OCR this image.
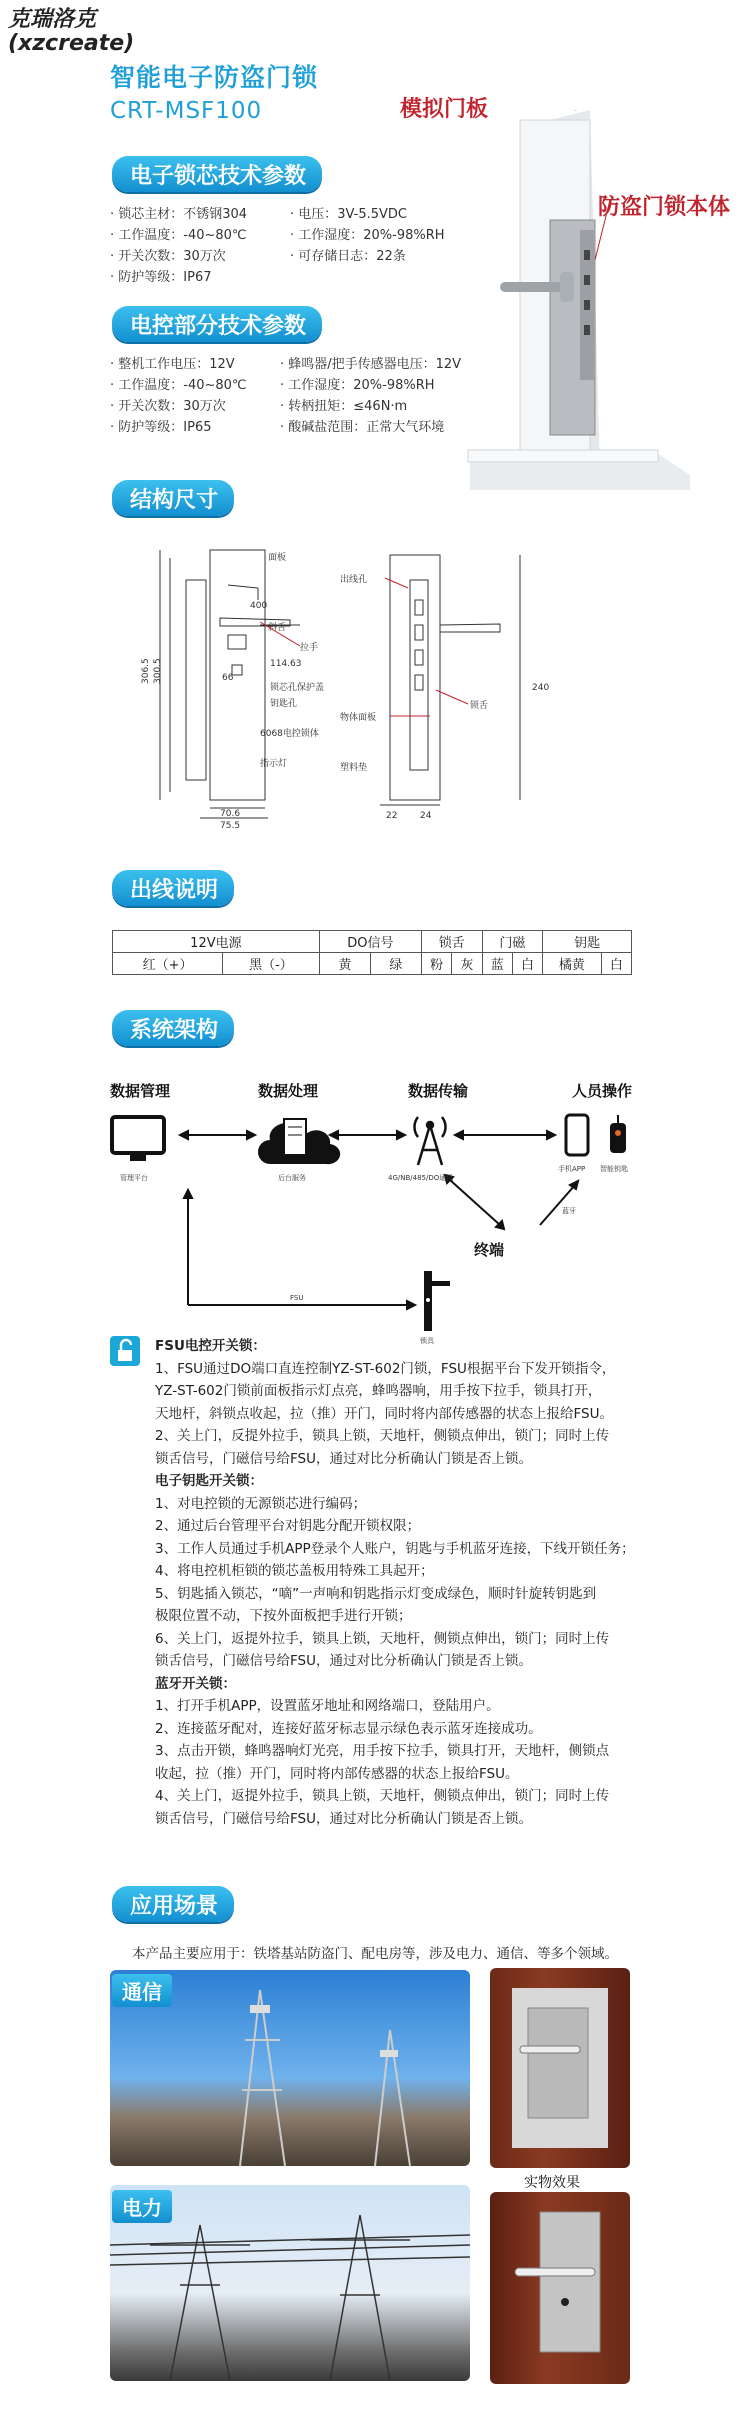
克瑞洛克
(xzcreate)
智能电子防盗门锁
CRT-MSF100	模拟门板
防盗门锁本体
电子锁芯技术参数
· 锁芯主材：不锈钢304
· 工作温度：-40~80℃
· 开关次数：30万次
· 防护等级：IP67
· 电压：3V-5.5VDC
· 工作湿度：20%-98%RH
· 可存储日志：22条
电控部分技术参数
· 整机工作电压：12V
· 工作温度：-40~80℃
· 开关次数：30万次
· 防护等级：IP65
· 蜂鸣器/把手传感器电压：12V
· 工作湿度：20%-98%RH
· 转柄扭矩：≤46N·m
· 酸碱盐范围：正常大气环境
结构尺寸
面板
400
斜舌
拉手
114.63
锁芯孔保护盖
钥匙孔
6068电控锁体
指示灯
306.5 300.5
70.6
75.5
出线孔
锁舌
物体面板
塑料垫
240
22	24
66
出线说明
12V电源		DO信号		锁舌		门磁		钥匙	
红（+）	黑（-）	黄	绿	粉	灰	蓝	白	橘黄	白
系统架构
数据管理	数据处理	数据传输	人员操作
管理平台	后台服务	4G/NB/485/DO通讯
手机APP 智能钥匙
锁具
FSU
蓝牙
终端
FSU电控开关锁：
1、FSU通过DO端口直连控制YZ-ST-602门锁，FSU根据平台下发开锁指令，
YZ-ST-602门锁前面板指示灯点亮，蜂鸣器响，用手按下拉手，锁具打开，
天地杆，斜锁点收起，拉（推）开门，同时将内部传感器的状态上报给FSU。
2、关上门，反提外拉手，锁具上锁，天地杆，侧锁点伸出，锁门；同时上传
锁舌信号，门磁信号给FSU，通过对比分析确认门锁是否上锁。
电子钥匙开关锁：
1、对电控锁的无源锁芯进行编码；
2、通过后台管理平台对钥匙分配开锁权限；
3、工作人员通过手机APP登录个人账户，钥匙与手机蓝牙连接，下线开锁任务；
4、将电控机柜锁的锁芯盖板用特殊工具起开；
5、钥匙插入锁芯，“嘀”一声响和钥匙指示灯变成绿色，顺时针旋转钥匙到
极限位置不动，下按外面板把手进行开锁；
6、关上门，返提外拉手，锁具上锁，天地杆，侧锁点伸出，锁门；同时上传
锁舌信号，门磁信号给FSU，通过对比分析确认门锁是否上锁。
蓝牙开关锁：
1、打开手机APP，设置蓝牙地址和网络端口，登陆用户。
2、连接蓝牙配对，连接好蓝牙标志显示绿色表示蓝牙连接成功。
3、点击开锁，蜂鸣器响灯光亮，用手按下拉手，锁具打开，天地杆，侧锁点
收起，拉（推）开门，同时将内部传感器的状态上报给FSU。
4、关上门，返提外拉手，锁具上锁，天地杆，侧锁点伸出，锁门；同时上传
锁舌信号，门磁信号给FSU，通过对比分析确认门锁是否上锁。
应用场景
本产品主要应用于：铁塔基站防盗门、配电房等，涉及电力、通信、等多个领域。
通信
电力
实物效果
